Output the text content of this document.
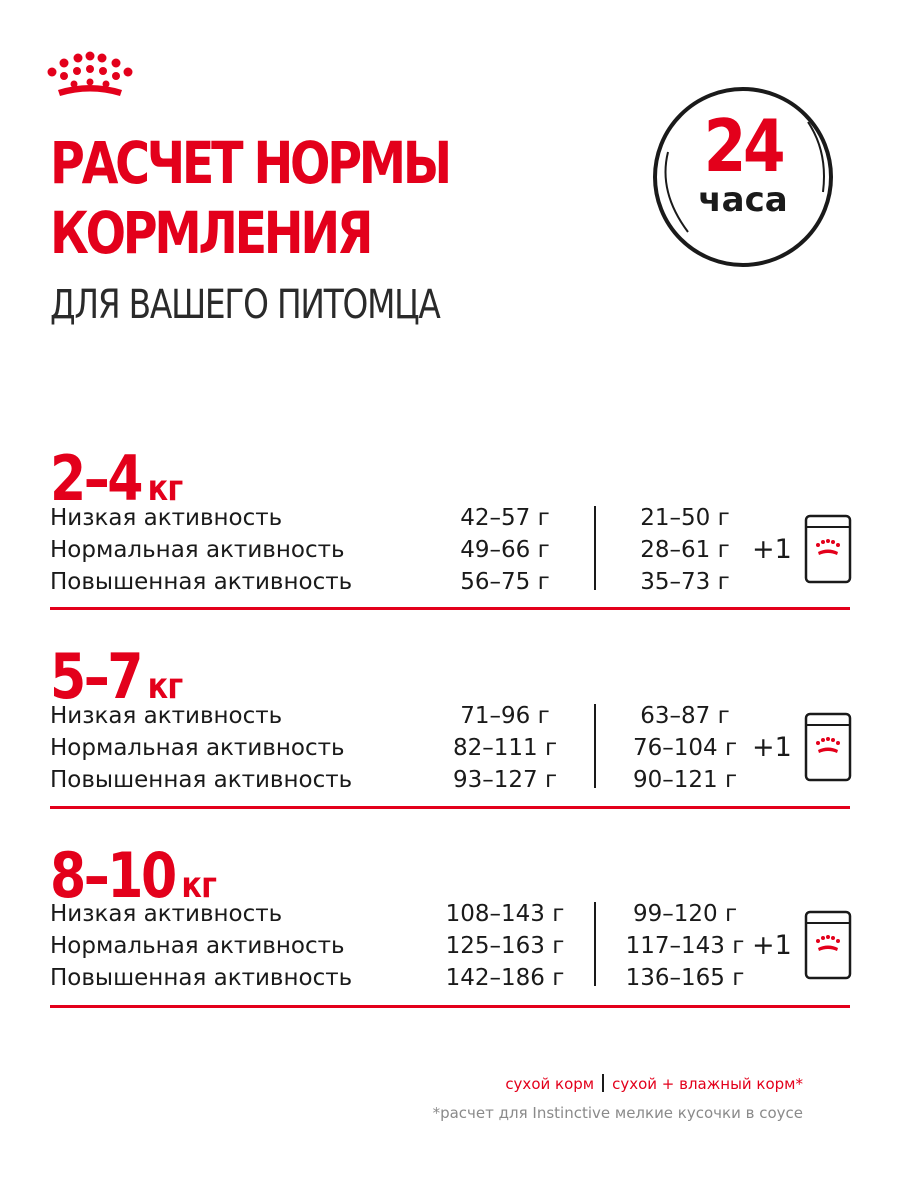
РАСЧЕТ НОРМЫ
КОРМЛЕНИЯ
ДЛЯ ВАШЕГО ПИТОМЦА
24
часа
2–4 кг
Низкая активность	42–57 г	21–50 г
Нормальная активность	49–66 г	28–61 г
Повышенная активность	56–75 г	35–73 г
+1
5–7 кг
Низкая активность	71–96 г	63–87 г
Нормальная активность	82–111 г	76–104 г
Повышенная активность	93–127 г	90–121 г
+1
8–10 кг
Низкая активность	108–143 г	99–120 г
Нормальная активность	125–163 г	117–143 г
Повышенная активность	142–186 г	136–165 г
+1
сухой корм сухой + влажный корм*
*расчет для Instinctive мелкие кусочки в соусе
